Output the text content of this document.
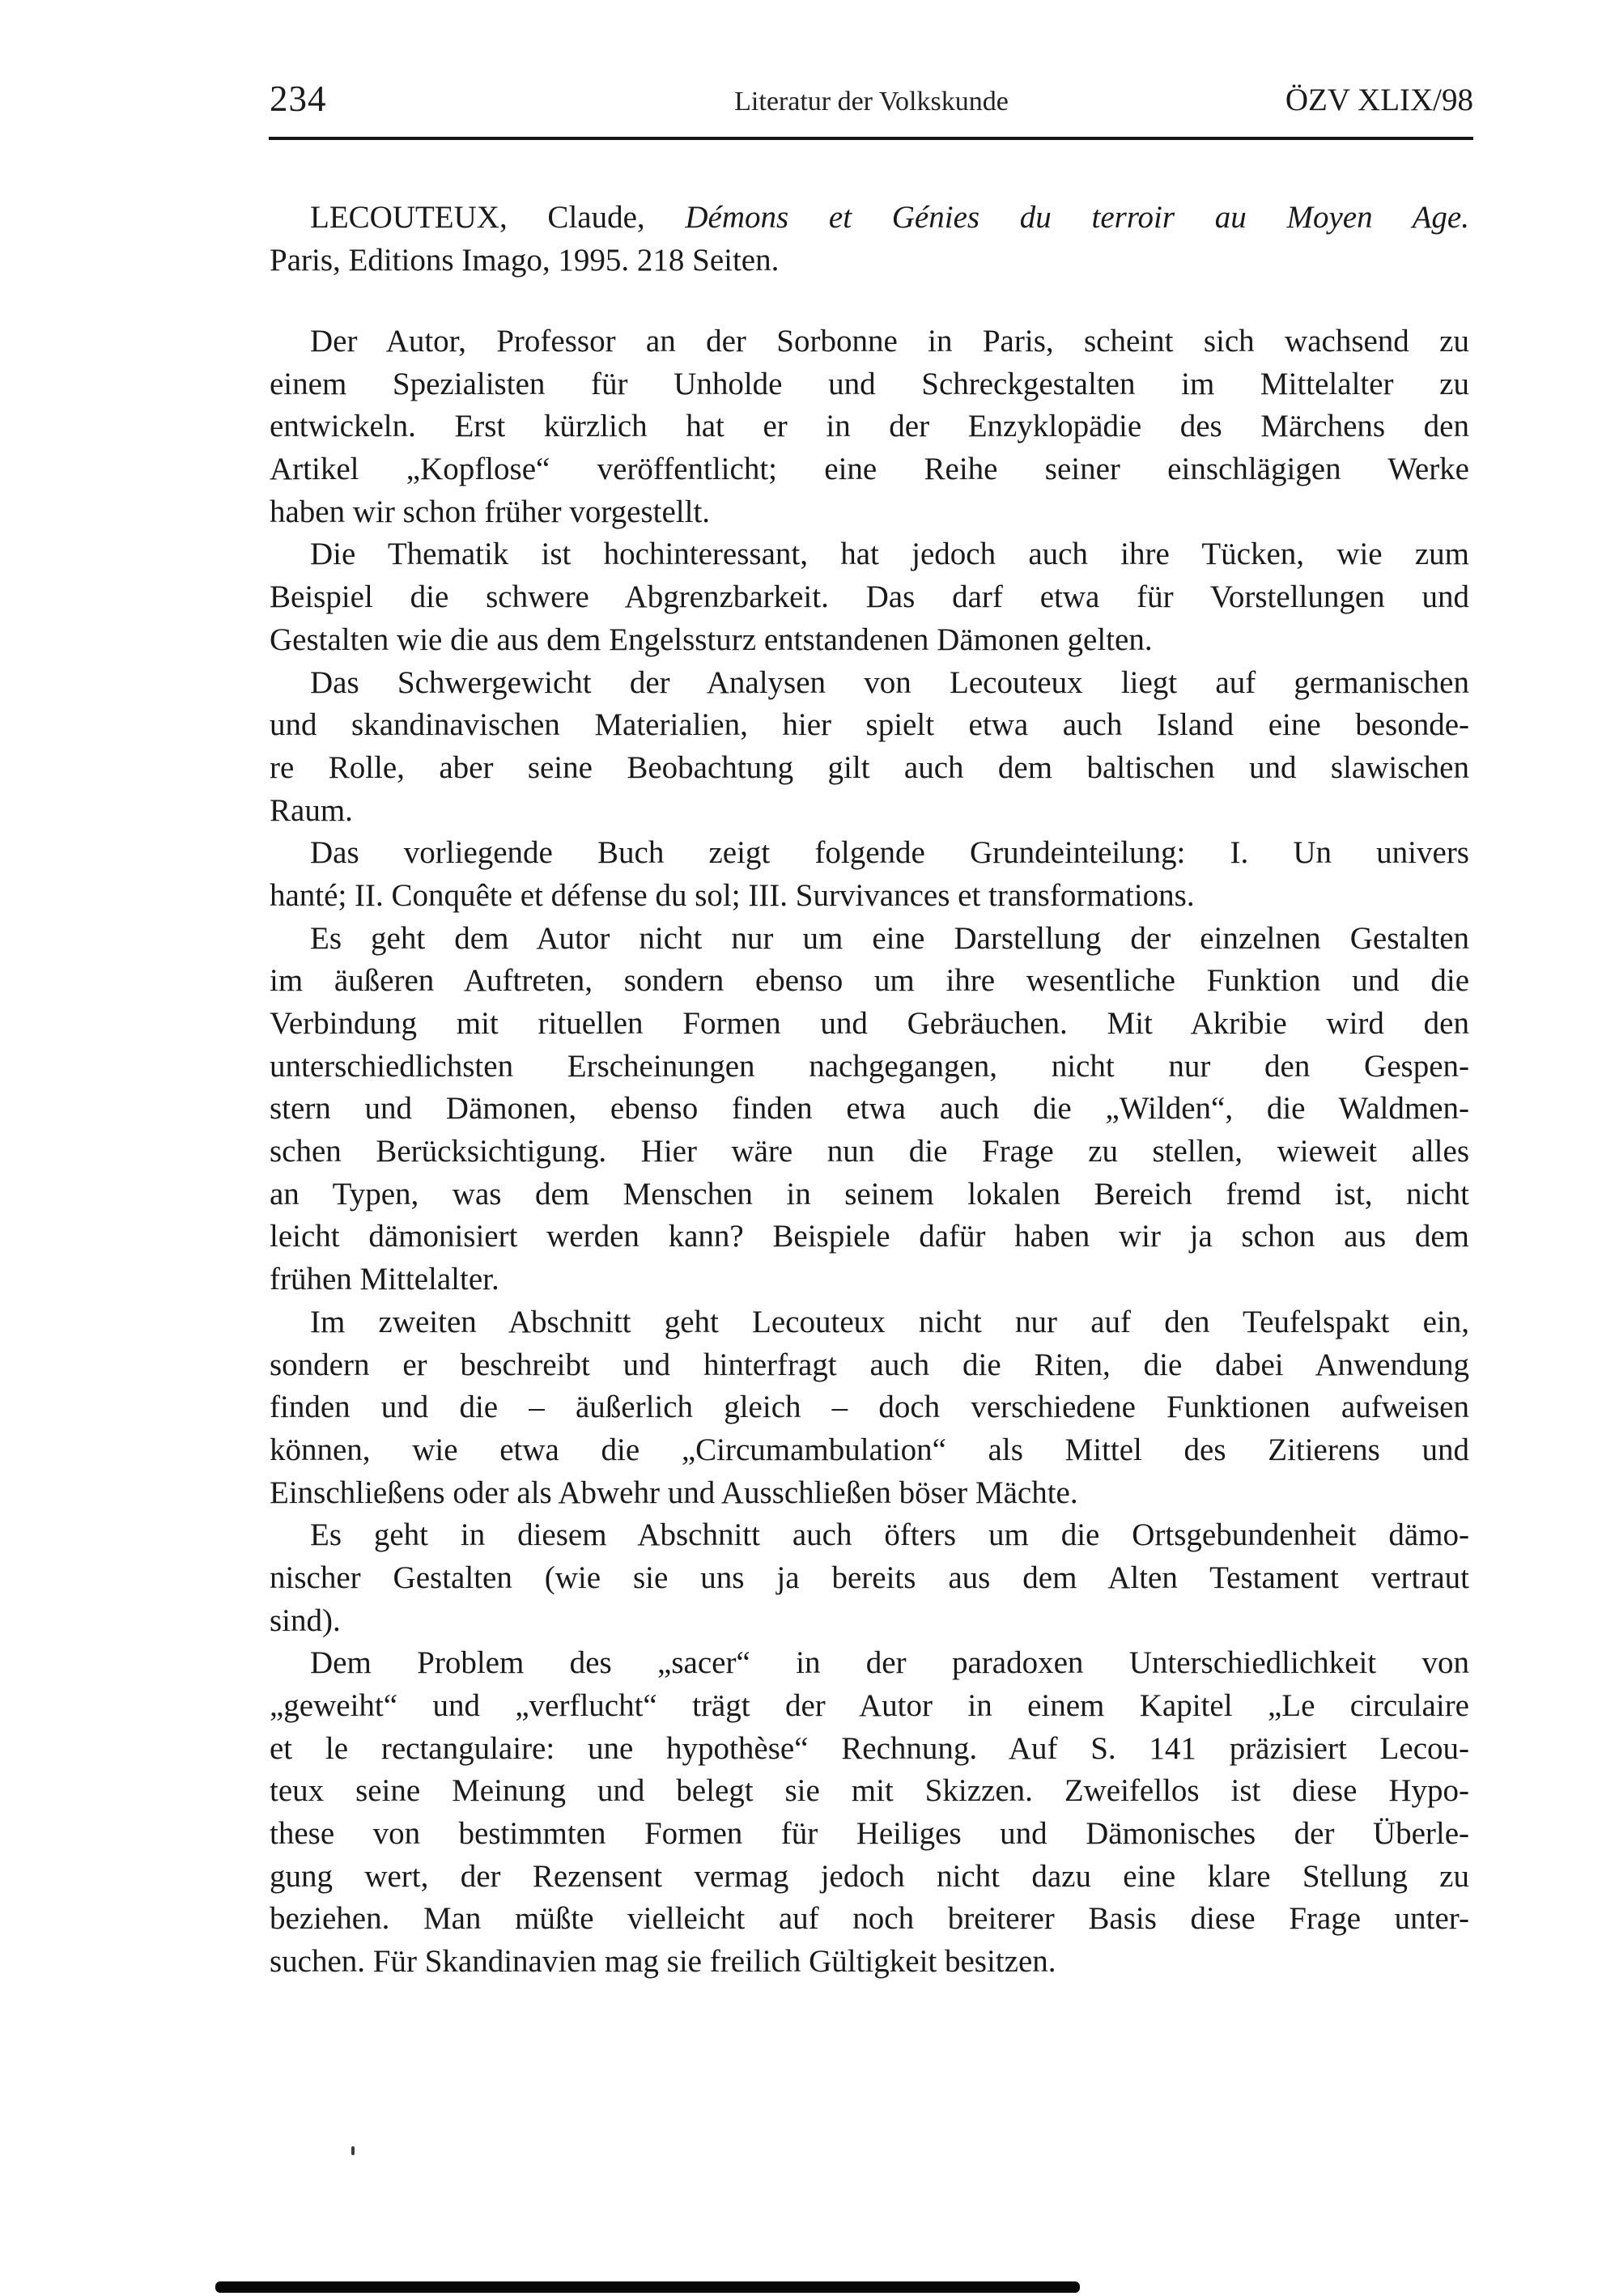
234	Literatur der Volkskunde	ÖZV XLIX/98
LECOUTEUX, Claude, Démons et Génies du terroir au Moyen Age.
Paris, Editions Imago, 1995. 218 Seiten.

Der Autor, Professor an der Sorbonne in Paris, scheint sich wachsend zu
einem Spezialisten für Unholde und Schreckgestalten im Mittelalter zu
entwickeln. Erst kürzlich hat er in der Enzyklopädie des Märchens den
Artikel „Kopflose“ veröffentlicht; eine Reihe seiner einschlägigen Werke
haben wir schon früher vorgestellt.

Die Thematik ist hochinteressant, hat jedoch auch ihre Tücken, wie zum
Beispiel die schwere Abgrenzbarkeit. Das darf etwa für Vorstellungen und
Gestalten wie die aus dem Engelssturz entstandenen Dämonen gelten.

Das Schwergewicht der Analysen von Lecouteux liegt auf germanischen
und skandinavischen Materialien, hier spielt etwa auch Island eine besonde-
re Rolle, aber seine Beobachtung gilt auch dem baltischen und slawischen
Raum.

Das vorliegende Buch zeigt folgende Grundeinteilung: I. Un univers
hanté; II. Conquête et défense du sol; III. Survivances et transformations.

Es geht dem Autor nicht nur um eine Darstellung der einzelnen Gestalten
im äußeren Auftreten, sondern ebenso um ihre wesentliche Funktion und die
Verbindung mit rituellen Formen und Gebräuchen. Mit Akribie wird den
unterschiedlichsten Erscheinungen nachgegangen, nicht nur den Gespen-
stern und Dämonen, ebenso finden etwa auch die „Wilden“, die Waldmen-
schen Berücksichtigung. Hier wäre nun die Frage zu stellen, wieweit alles
an Typen, was dem Menschen in seinem lokalen Bereich fremd ist, nicht
leicht dämonisiert werden kann? Beispiele dafür haben wir ja schon aus dem
frühen Mittelalter.

Im zweiten Abschnitt geht Lecouteux nicht nur auf den Teufelspakt ein,
sondern er beschreibt und hinterfragt auch die Riten, die dabei Anwendung
finden und die – äußerlich gleich – doch verschiedene Funktionen aufweisen
können, wie etwa die „Circumambulation“ als Mittel des Zitierens und
Einschließens oder als Abwehr und Ausschließen böser Mächte.

Es geht in diesem Abschnitt auch öfters um die Ortsgebundenheit dämo-
nischer Gestalten (wie sie uns ja bereits aus dem Alten Testament vertraut
sind).

Dem Problem des „sacer“ in der paradoxen Unterschiedlichkeit von
„geweiht“ und „verflucht“ trägt der Autor in einem Kapitel „Le circulaire
et le rectangulaire: une hypothèse“ Rechnung. Auf S. 141 präzisiert Lecou-
teux seine Meinung und belegt sie mit Skizzen. Zweifellos ist diese Hypo-
these von bestimmten Formen für Heiliges und Dämonisches der Überle-
gung wert, der Rezensent vermag jedoch nicht dazu eine klare Stellung zu
beziehen. Man müßte vielleicht auf noch breiterer Basis diese Frage unter-
suchen. Für Skandinavien mag sie freilich Gültigkeit besitzen.
